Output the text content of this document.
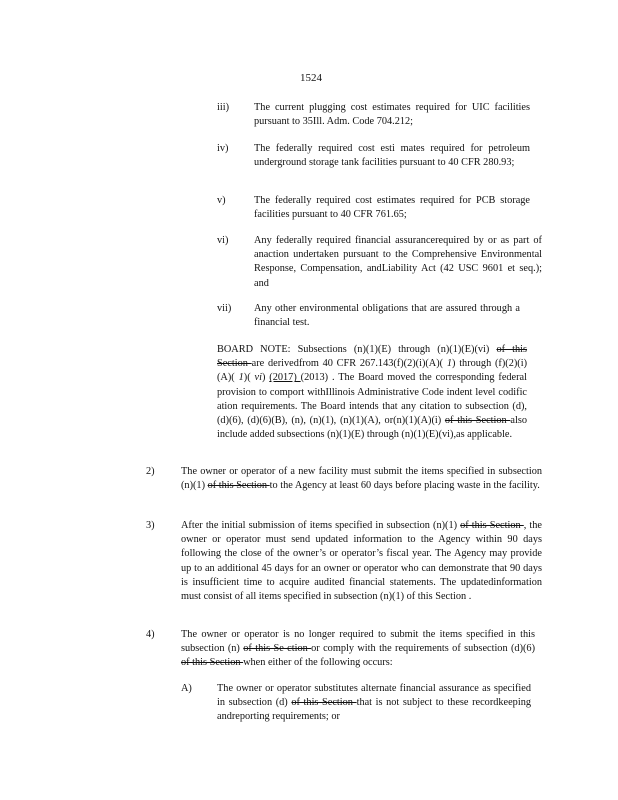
1524
iii) The current plugging cost estimates required for UIC facilities pursuant to 35Ill. Adm. Code 704.212;
iv) The federally required cost esti mates required for petroleum underground storage tank facilities pursuant to 40 CFR 280.93;
v)	The federally required cost estimates required for PCB storage facilities pursuant to 40 CFR 761.65;
vi) Any federally required financial assurancerequired by or as part of anaction undertaken pursuant to the Comprehensive Environmental Response, Compensation, andLiability Act (42 USC 9601 et seq.); and
vii) Any other environmental obligations that are assured through a financial test.
BOARD NOTE: Subsections (n)(1)(E) through (n)(1)(E)(vi) of this Section are derivedfrom 40 CFR 267.143(f)(2)(i)(A)( 1) through (f)(2)(i)(A)( 1)( vi) (2017) (2013) . The Board moved the corresponding federal provision to comport withIllinois Administrative Code indent level codific ation requirements. The Board intends that any citation to subsection (d), (d)(6), (d)(6)(B), (n), (n)(1), (n)(1)(A), or(n)(1)(A)(i) of this Section also include added subsections (n)(1)(E) through (n)(1)(E)(vi),as applicable.
2)	The owner or operator of a new facility must submit the items specified in subsection (n)(1) of this Section to the Agency at least 60 days before placing waste in the facility.
3)	After the initial submission of items specified in subsection (n)(1) of this Section , the owner or operator must send updated information to the Agency within 90 days following the close of the owner’s or operator’s fiscal year. The Agency may provide up to an additional 45 days for an owner or operator who can demonstrate that 90 days is insufficient time to acquire audited financial statements. The updatedinformation must consist of all items specified in subsection (n)(1) of this Section .
4)	The owner or operator is no longer required to submit the items specified in this subsection (n) of this Se ction or comply with the requirements of subsection (d)(6) of this Section when either of the following occurs:
A) The owner or operator substitutes alternate financial assurance as specified in subsection (d) of this Section that is not subject to these recordkeeping andreporting requirements; or
